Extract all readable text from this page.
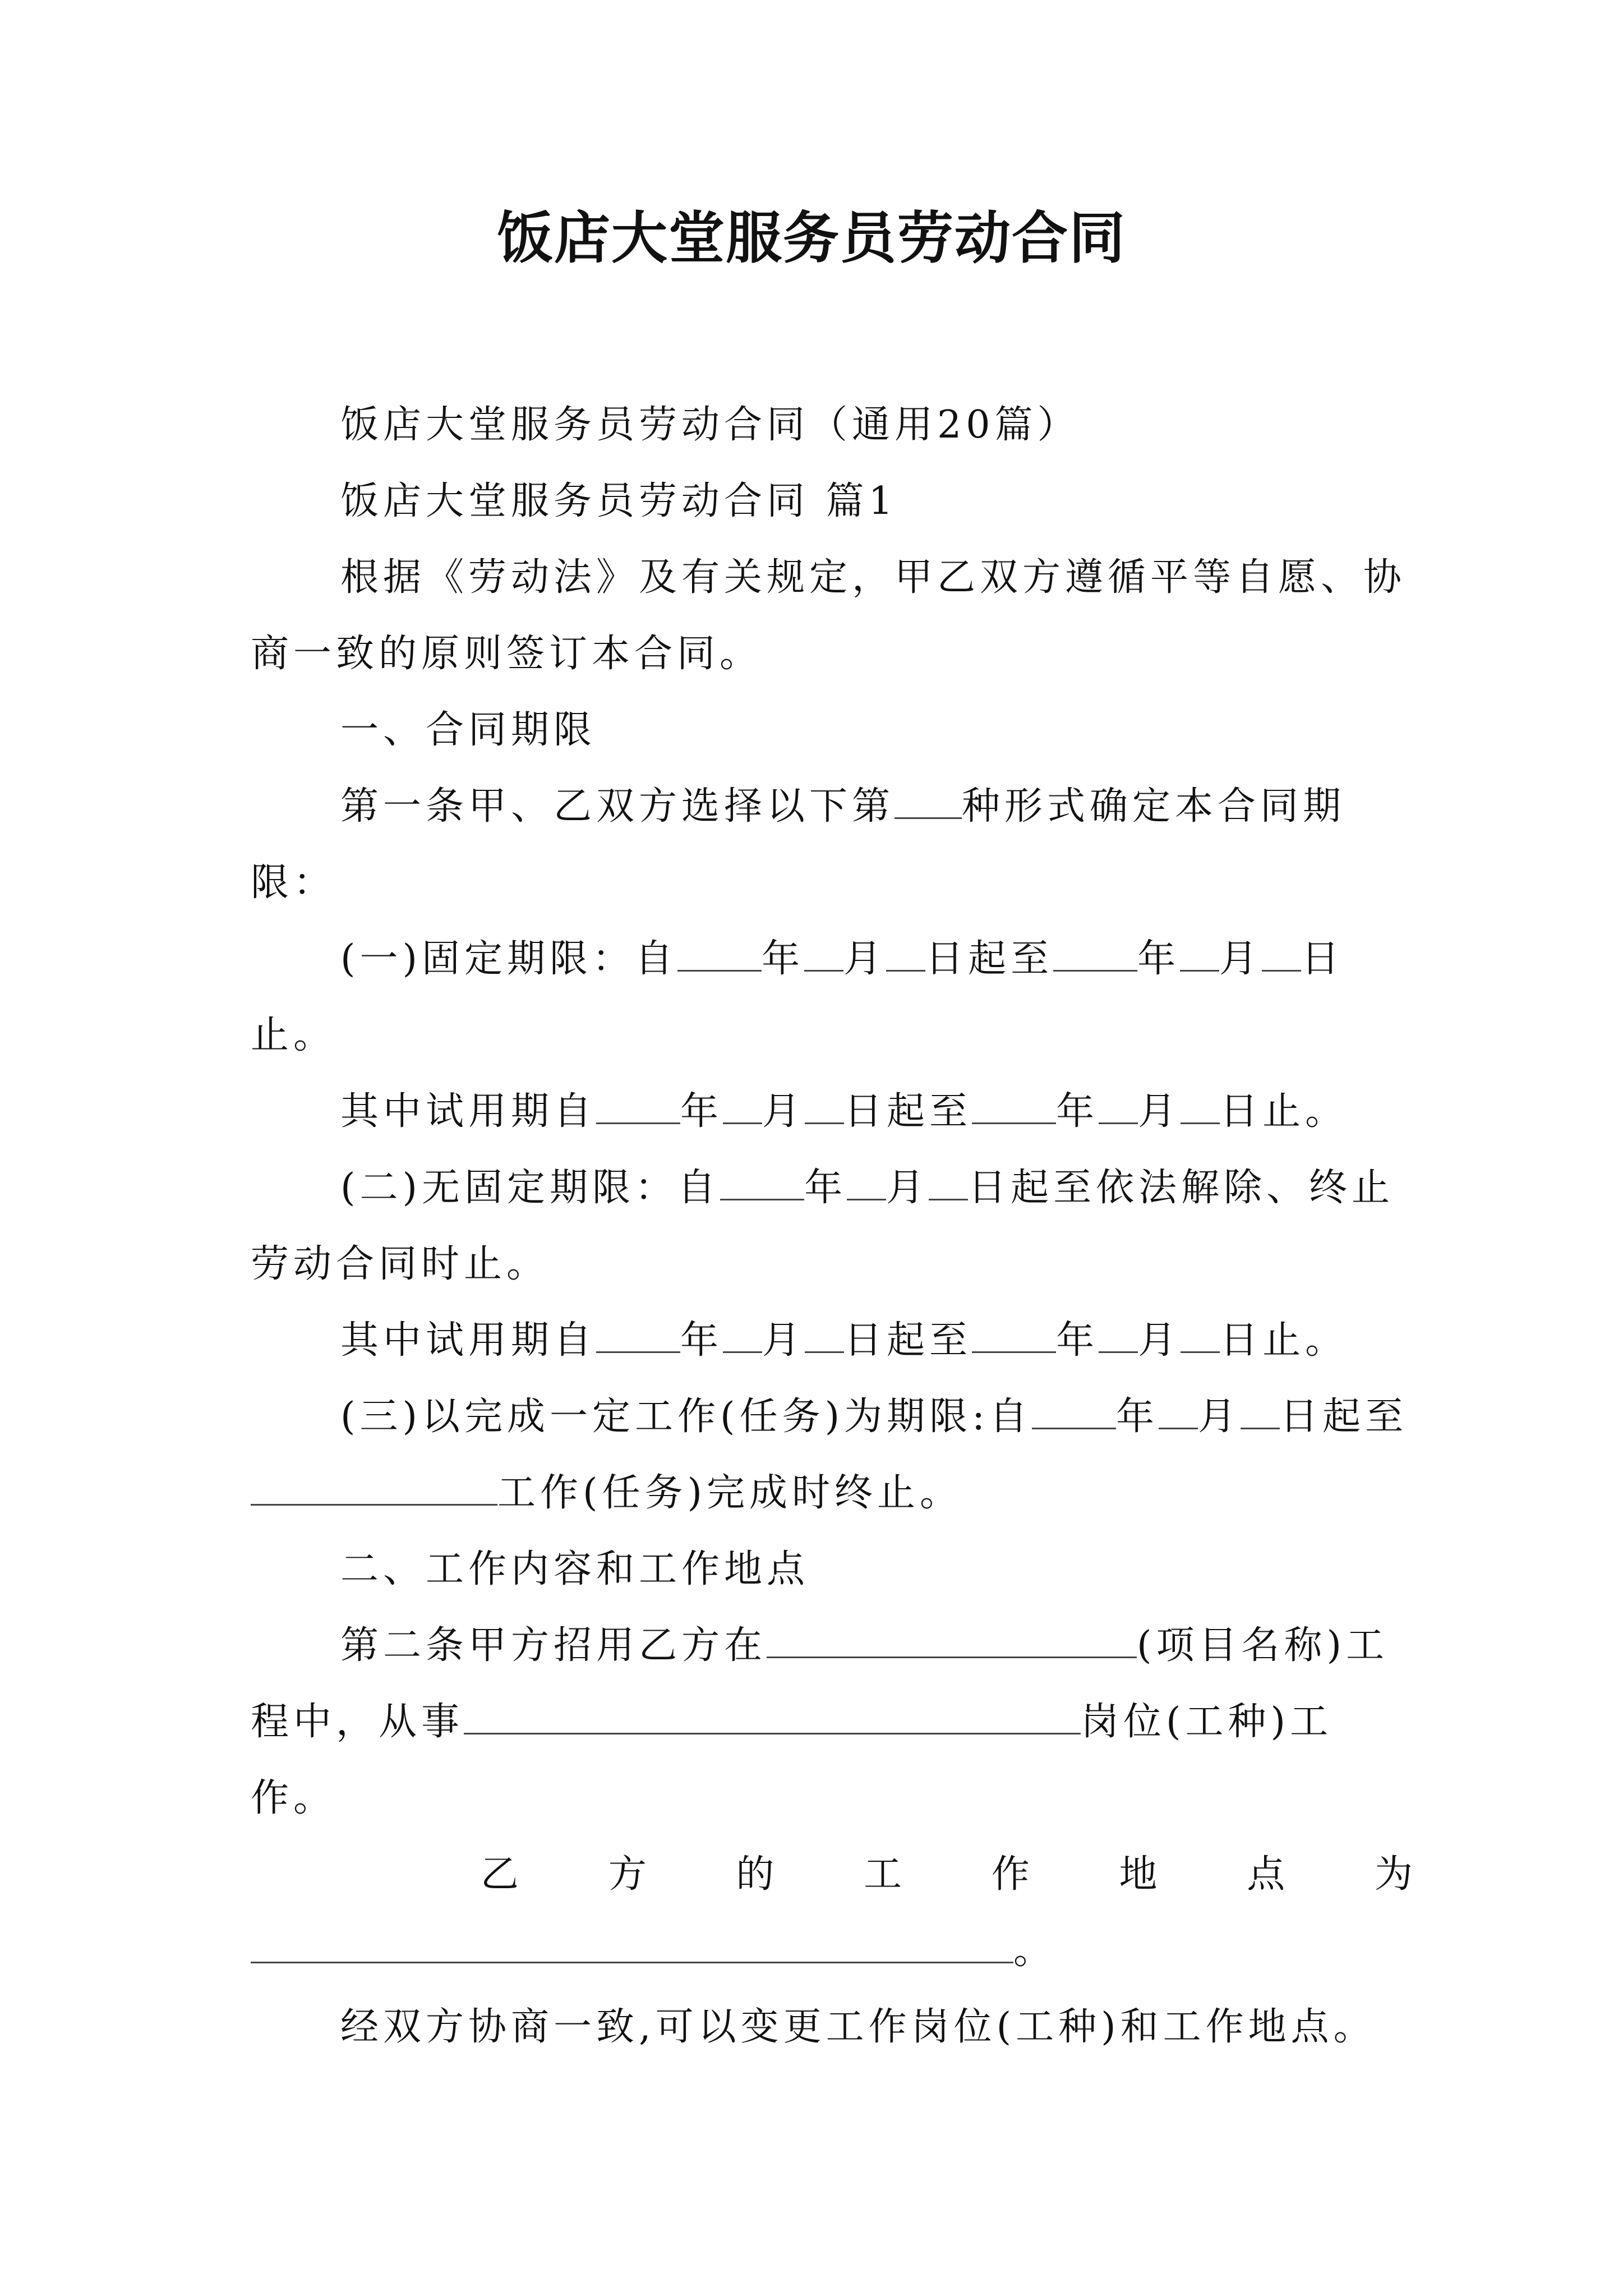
饭店大堂服务员劳动合同

饭店大堂服务员劳动合同（通用20篇）

饭店大堂服务员劳动合同 篇1

根据《劳动法》及有关规定，甲乙双方遵循平等自愿、协商一致的原则签订本合同。

一、合同期限

第一条甲、乙双方选择以下第 种形式确定本合同期限：

(一)固定期限：自 年 月 日起至 年 月 日止。

其中试用期自 年 月 日起至 年 月 日止。

(二)无固定期限：自 年 月 日起至依法解除、终止劳动合同时止。

其中试用期自 年 月 日起至 年 月 日止。

(三)以完成一定工作(任务)为期限:自 年 月 日起至工作(任务)完成时终止。

二、工作内容和工作地点

第二条甲方招用乙方在	(项目名称)工程中，从事	岗位(工种)工作。

乙方的工作地点为

。

经双方协商一致,可以变更工作岗位(工种)和工作地点。
